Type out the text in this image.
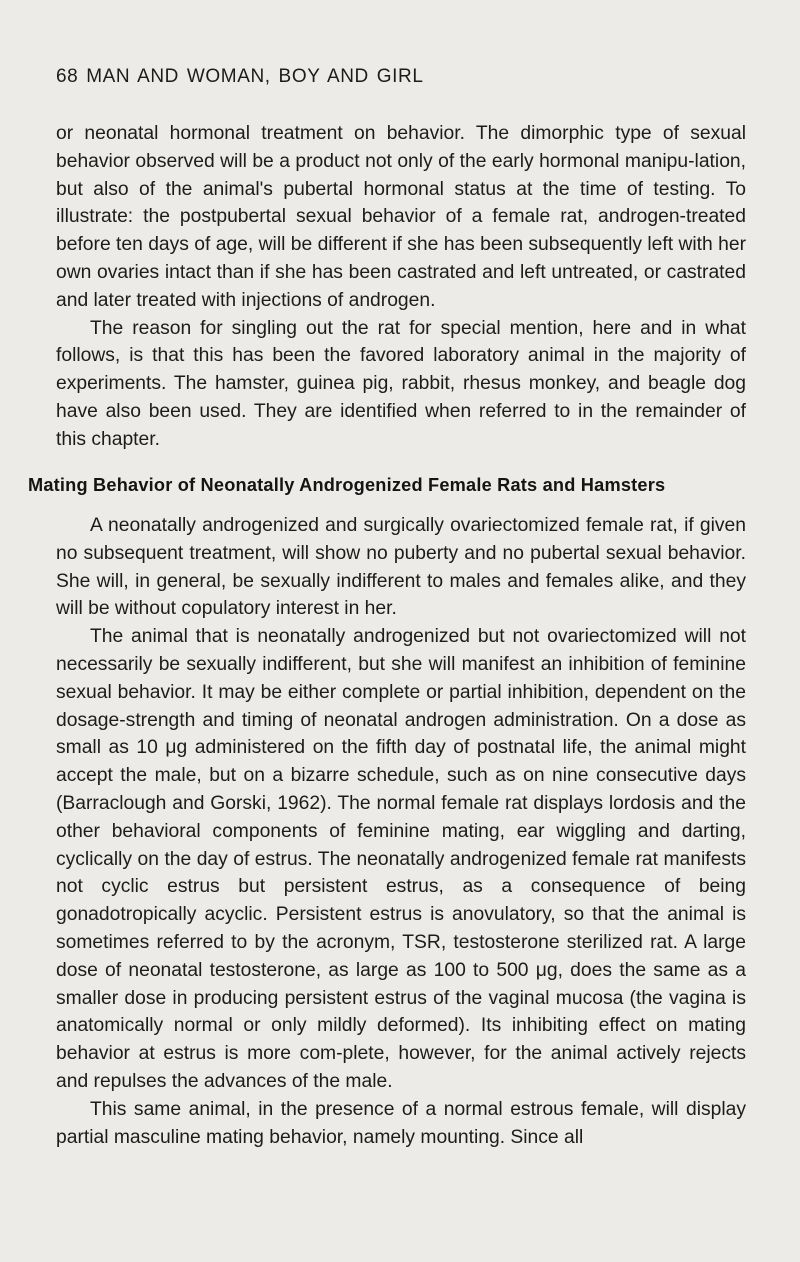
68 MAN AND WOMAN, BOY AND GIRL

or neonatal hormonal treatment on behavior. The dimorphic type of sexual behavior observed will be a product not only of the early hormonal manipu-lation, but also of the animal's pubertal hormonal status at the time of testing. To illustrate: the postpubertal sexual behavior of a female rat, androgen-treated before ten days of age, will be different if she has been subsequently left with her own ovaries intact than if she has been castrated and left untreated, or castrated and later treated with injections of androgen.

The reason for singling out the rat for special mention, here and in what follows, is that this has been the favored laboratory animal in the majority of experiments. The hamster, guinea pig, rabbit, rhesus monkey, and beagle dog have also been used. They are identified when referred to in the remainder of this chapter.

Mating Behavior of Neonatally Androgenized Female Rats and Hamsters

A neonatally androgenized and surgically ovariectomized female rat, if given no subsequent treatment, will show no puberty and no pubertal sexual behavior. She will, in general, be sexually indifferent to males and females alike, and they will be without copulatory interest in her.

The animal that is neonatally androgenized but not ovariectomized will not necessarily be sexually indifferent, but she will manifest an inhibition of feminine sexual behavior. It may be either complete or partial inhibition, dependent on the dosage-strength and timing of neonatal androgen administration. On a dose as small as 10 μg administered on the fifth day of postnatal life, the animal might accept the male, but on a bizarre schedule, such as on nine consecutive days (Barraclough and Gorski, 1962). The normal female rat displays lordosis and the other behavioral components of feminine mating, ear wiggling and darting, cyclically on the day of estrus. The neonatally androgenized female rat manifests not cyclic estrus but persistent estrus, as a consequence of being gonadotropically acyclic. Persistent estrus is anovulatory, so that the animal is sometimes referred to by the acronym, TSR, testosterone sterilized rat. A large dose of neonatal testosterone, as large as 100 to 500 μg, does the same as a smaller dose in producing persistent estrus of the vaginal mucosa (the vagina is anatomically normal or only mildly deformed). Its inhibiting effect on mating behavior at estrus is more com-plete, however, for the animal actively rejects and repulses the advances of the male.

This same animal, in the presence of a normal estrous female, will display partial masculine mating behavior, namely mounting. Since all
